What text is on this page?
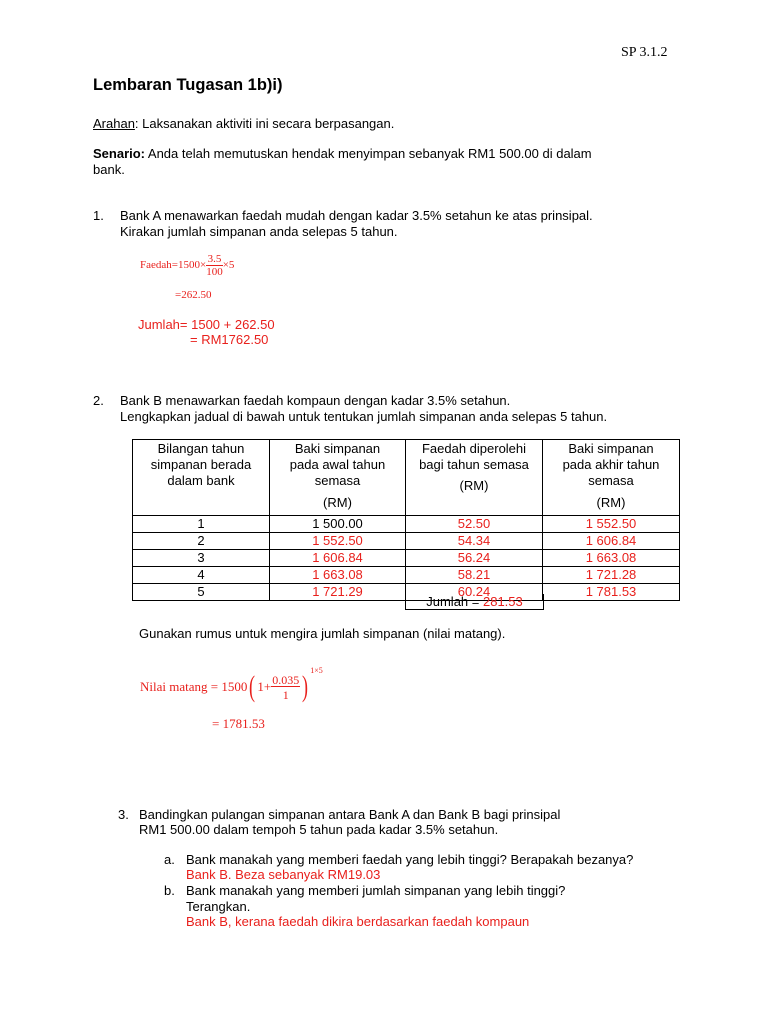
SP 3.1.2
Lembaran Tugasan 1b)i)
Arahan: Laksanakan aktiviti ini secara berpasangan.
Senario: Anda telah memutuskan hendak menyimpan sebanyak RM1 500.00 di dalam
bank.
1. Bank A menawarkan faedah mudah dengan kadar 3.5% setahun ke atas prinsipal.
Kirakan jumlah simpanan anda selepas 5 tahun.
Faedah=1500× $\frac{3.5}{100} \times 5$
=262.50
Jumlah= 1500 + 262.50
= RM1762.50
2. Bank B menawarkan faedah kompaun dengan kadar 3.5% setahun.
Lengkapkan jadual di bawah untuk tentukan jumlah simpanan anda selepas 5 tahun.
Bilangan tahun
simpanan berada
dalam bank	Baki simpanan
pada awal tahun
semasa
(RM)	Faedah diperolehi
bagi tahun semasa
(RM)	Baki simpanan
pada akhir tahun
semasa
(RM)

1	1 500.00	52.50	1 552.50
2	1 552.50	54.34	1 606.84
3	1 606.84	56.24	1 663.08
4	1 663.08	58.21	1 721.28
5	1 721.29	60.24	1 781.53
Jumlah = 281.53
Gunakan rumus untuk mengira jumlah simpanan (nilai matang).
Nilai matang = 1500( $1+ \frac{0.035}{1}$ ) $^{1\times 5}$
= 1781.53
3. Bandingkan pulangan simpanan antara Bank A dan Bank B bagi prinsipal
RM1 500.00 dalam tempoh 5 tahun pada kadar 3.5% setahun.
a. Bank manakah yang memberi faedah yang lebih tinggi? Berapakah bezanya?
Bank B. Beza sebanyak RM19.03
b. Bank manakah yang memberi jumlah simpanan yang lebih tinggi?
Terangkan.
Bank B, kerana faedah dikira berdasarkan faedah kompaun
